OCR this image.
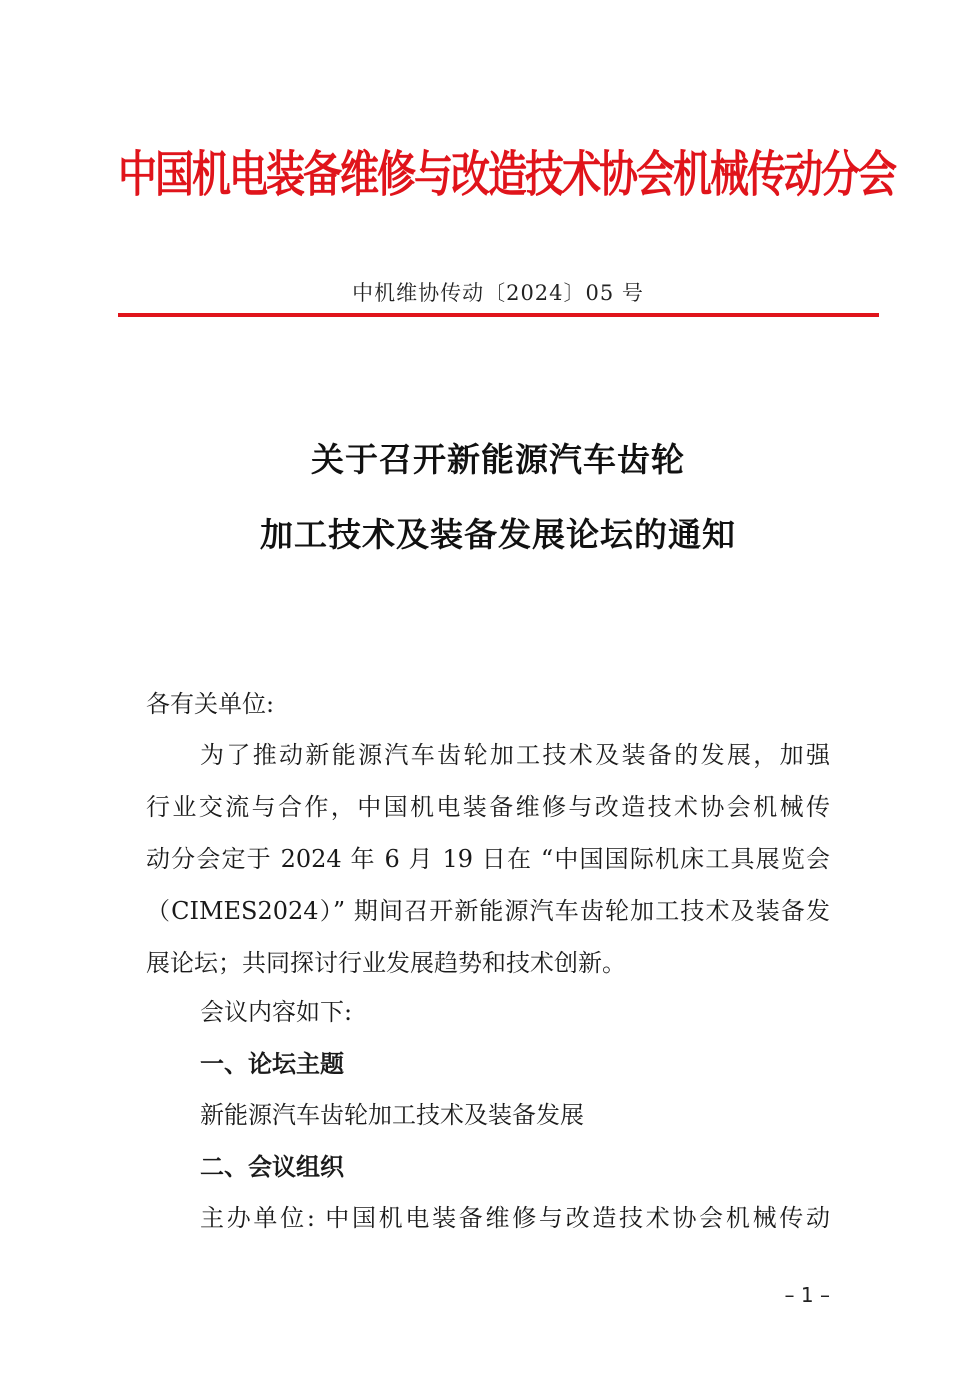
中国机电装备维修与改造技术协会机械传动分会
中机维协传动〔2024〕05 号
关于召开新能源汽车齿轮
加工技术及装备发展论坛的通知
各有关单位:
为了推动新能源汽车齿轮加工技术及装备的发展，加强
行业交流与合作，中国机电装备维修与改造技术协会机械传
动分会定于 2024 年 6 月 19 日在 “中国国际机床工具展览会
（CIMES2024）” 期间召开新能源汽车齿轮加工技术及装备发
展论坛；共同探讨行业发展趋势和技术创新。
会议内容如下:
一、论坛主题
新能源汽车齿轮加工技术及装备发展
二、会议组织
主办单位: 中国机电装备维修与改造技术协会机械传动
– 1 –
